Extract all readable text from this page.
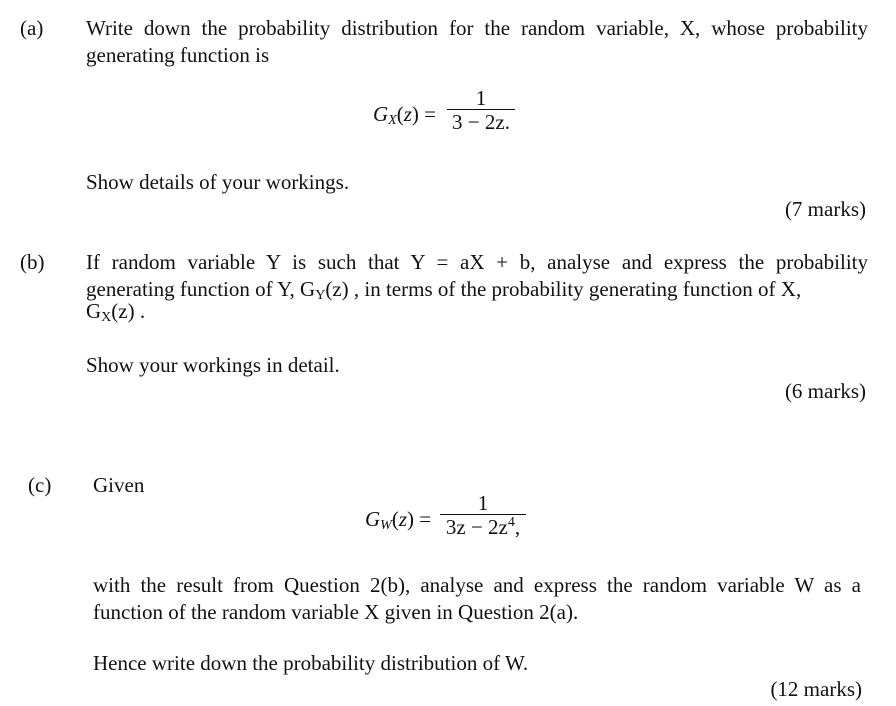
(a) Write down the probability distribution for the random variable, X, whose probability
generating function is
$G_X(z)$ =
1
3 − 2z.
Show details of your workings.
(7 marks)
(b) If random variable Y is such that Y = aX + b, analyse and express the probability
generating function of Y, $G_Y(z)$ , in terms of the probability generating function of X,
$G_X(z)$ .
Show your workings in detail.
(6 marks)
(c) Given
$G_W(z)$ =
1
$3z - 2z^4$,
with the result from Question 2(b), analyse and express the random variable W as a
function of the random variable X given in Question 2(a).
Hence write down the probability distribution of W.
(12 marks)
